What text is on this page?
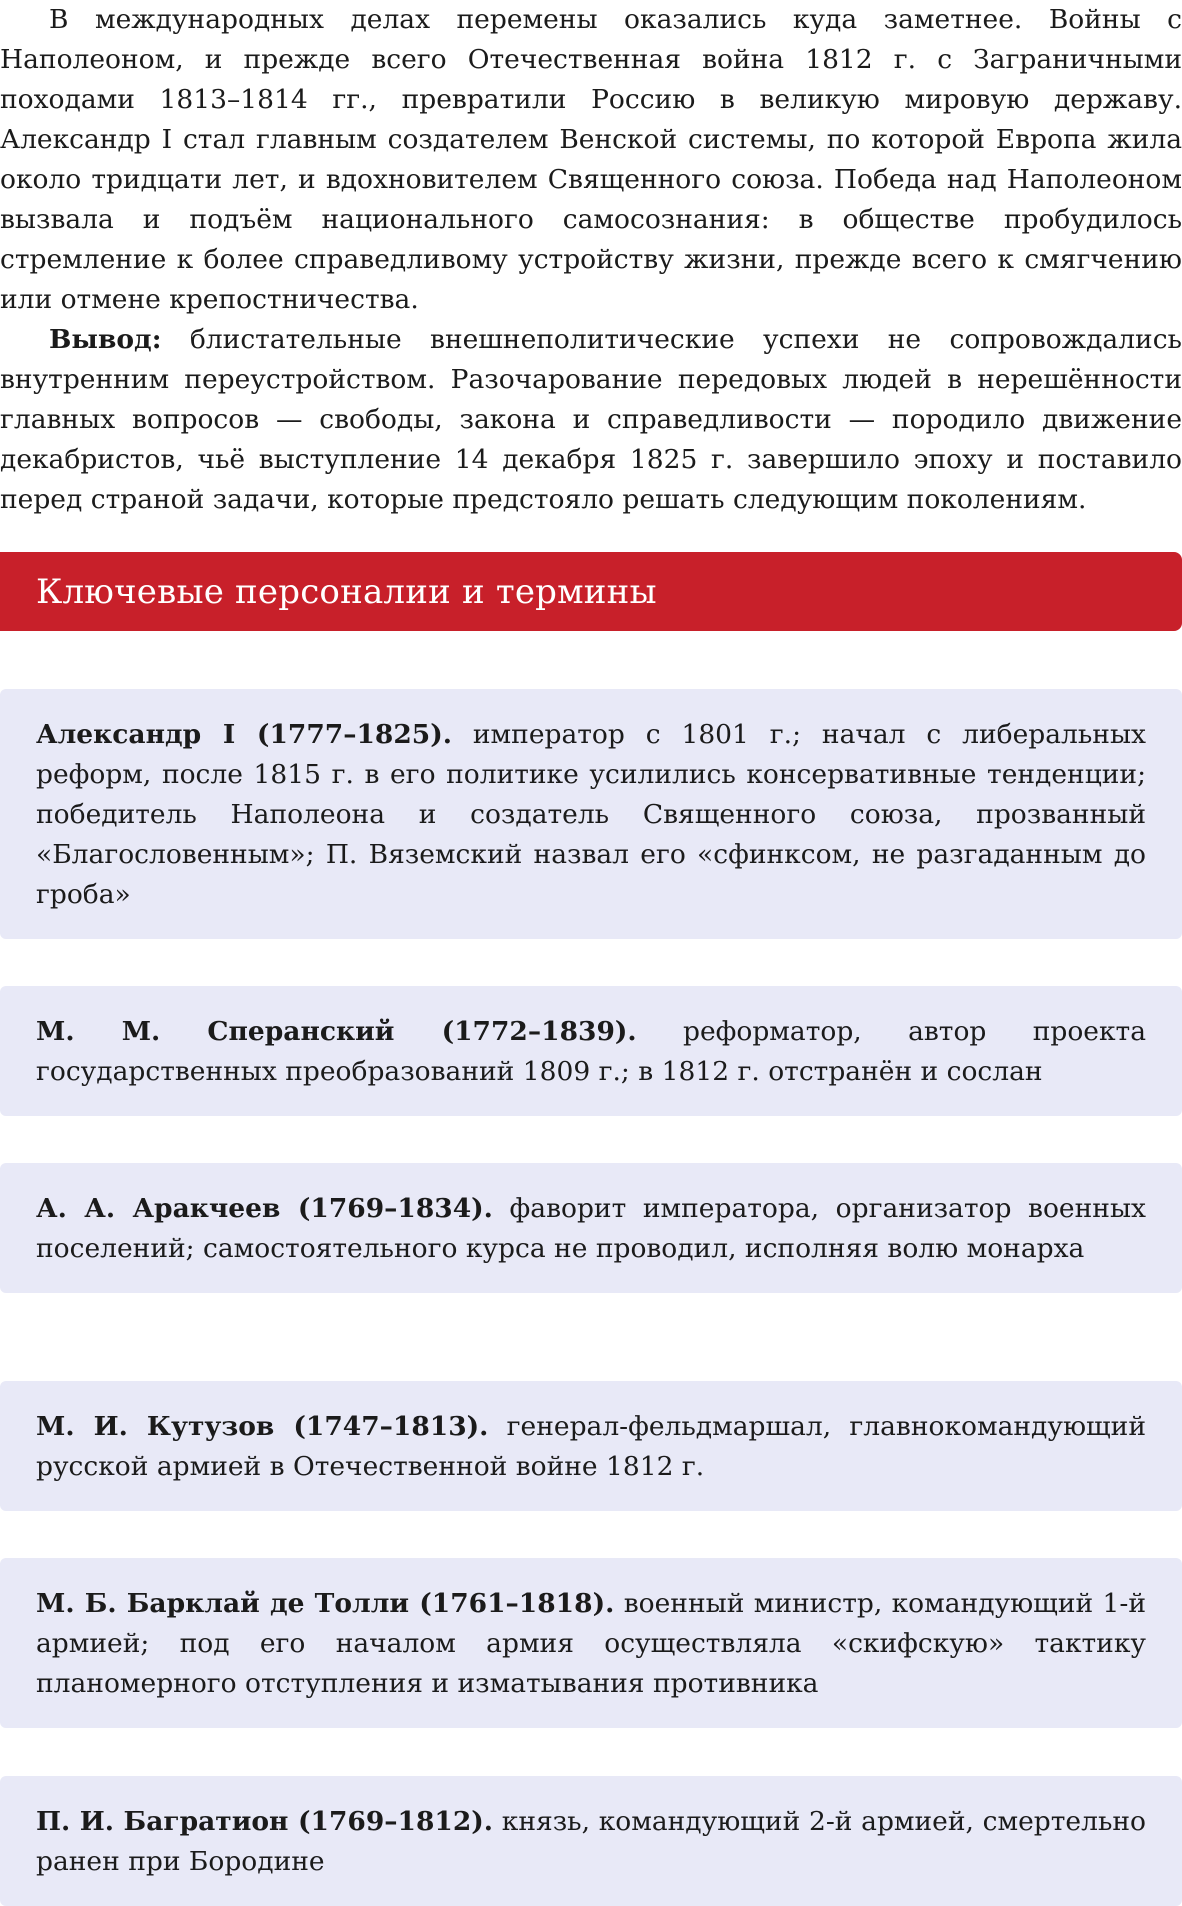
В международных делах перемены оказались куда заметнее. Войны с Наполеоном, и прежде всего Отечественная война 1812 г. с Заграничными походами 1813–1814 гг., превратили Россию в великую мировую державу. Александр I стал главным создателем Венской системы, по которой Европа жила около тридцати лет, и вдохновителем Священного союза. Победа над Наполеоном вызвала и подъём национального самосознания: в обществе пробудилось стремление к более справедливому устройству жизни, прежде всего к смягчению или отмене крепостничества.

Вывод: блистательные внешнеполитические успехи не сопровождались внутренним переустройством. Разочарование передовых людей в нерешённости главных вопросов — свободы, закона и справедливости — породило движение декабристов, чьё выступление 14 декабря 1825 г. завершило эпоху и поставило перед страной задачи, которые предстояло решать следующим поколениям.

Ключевые персоналии и термины

Александр I (1777–1825). император с 1801 г.; начал с либеральных реформ, после 1815 г. в его политике усилились консервативные тенденции; победитель Наполеона и создатель Священного союза, прозванный «Благословенным»; П. Вяземский назвал его «сфинксом, не разгаданным до гроба»

М. М. Сперанский (1772–1839). реформатор, автор проекта государственных преобразований 1809 г.; в 1812 г. отстранён и сослан

А. А. Аракчеев (1769–1834). фаворит императора, организатор военных поселений; самостоятельного курса не проводил, исполняя волю монарха

М. И. Кутузов (1747–1813). генерал-фельдмаршал, главнокомандующий русской армией в Отечественной войне 1812 г.

М. Б. Барклай де Толли (1761–1818). военный министр, командующий 1-й армией; под его началом армия осуществляла «скифскую» тактику планомерного отступления и изматывания противника

П. И. Багратион (1769–1812). князь, командующий 2-й армией, смертельно ранен при Бородине
